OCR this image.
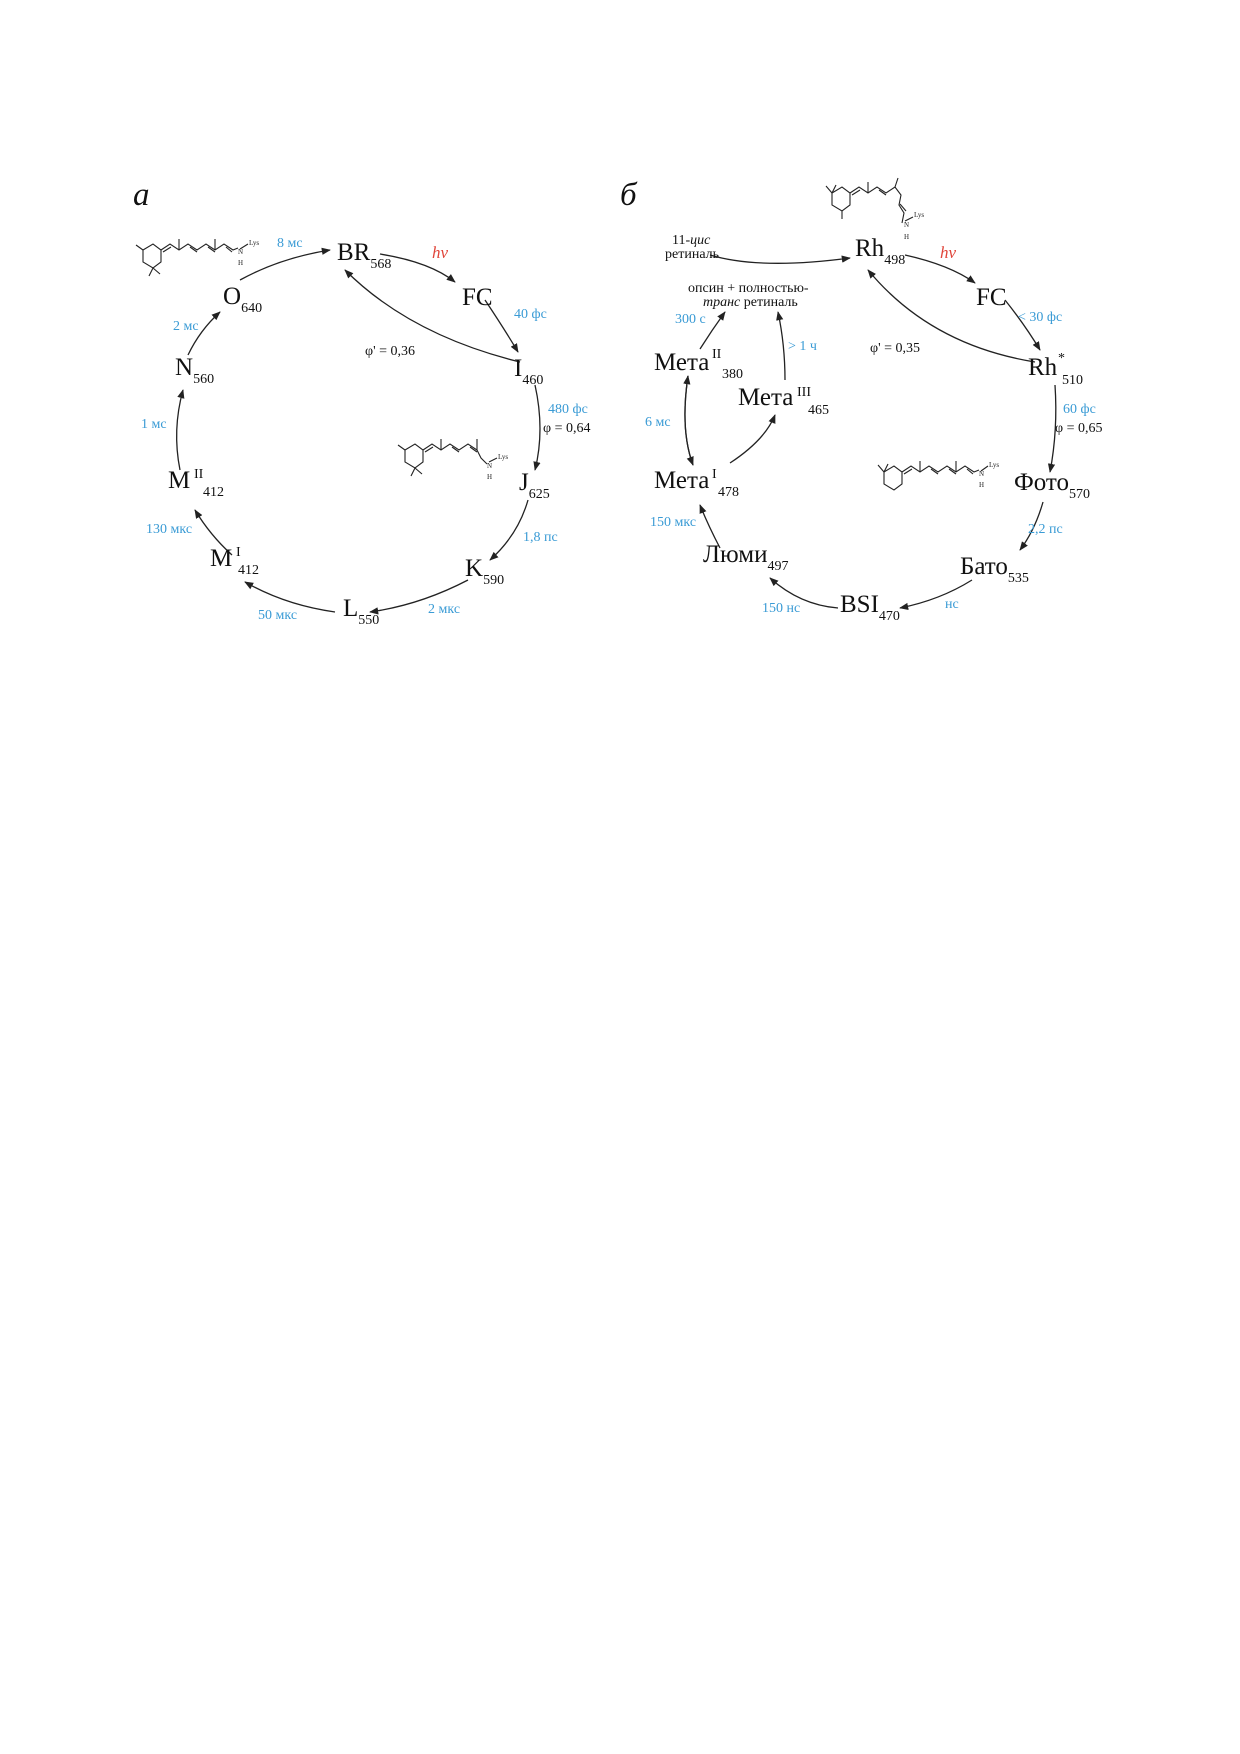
а
N
H
Lys
N
H
Lys
$BR_{568}$
FC
$I_{460}$
$J_{625}$
$K_{590}$
$L_{550}$
M I
412
M II
412
$N_{560}$
$O_{640}$
hv
40 фс
480 фс
1,8 пс
2 мкс
50 мкс
130 мкс
1 мс
2 мс
8 мс
φ' = 0,36
φ = 0,64
б
N
H
Lys
N
H
Lys
11-цис
ретиналь
опсин + полностью-
транс ретиналь
$Rh_{498}$
FC
Rh *
510
Фото$_{570}$
Бато$_{535}$
$BSI_{470}$
Люми$_{497}$
Мета I
478
Мета II
380
Мета III
465
hv
< 30 фс
60 фс
2,2 пс
нс
150 нс
150 мкс
6 мс
300 с
> 1 ч	φ' = 0,35
φ = 0,65
